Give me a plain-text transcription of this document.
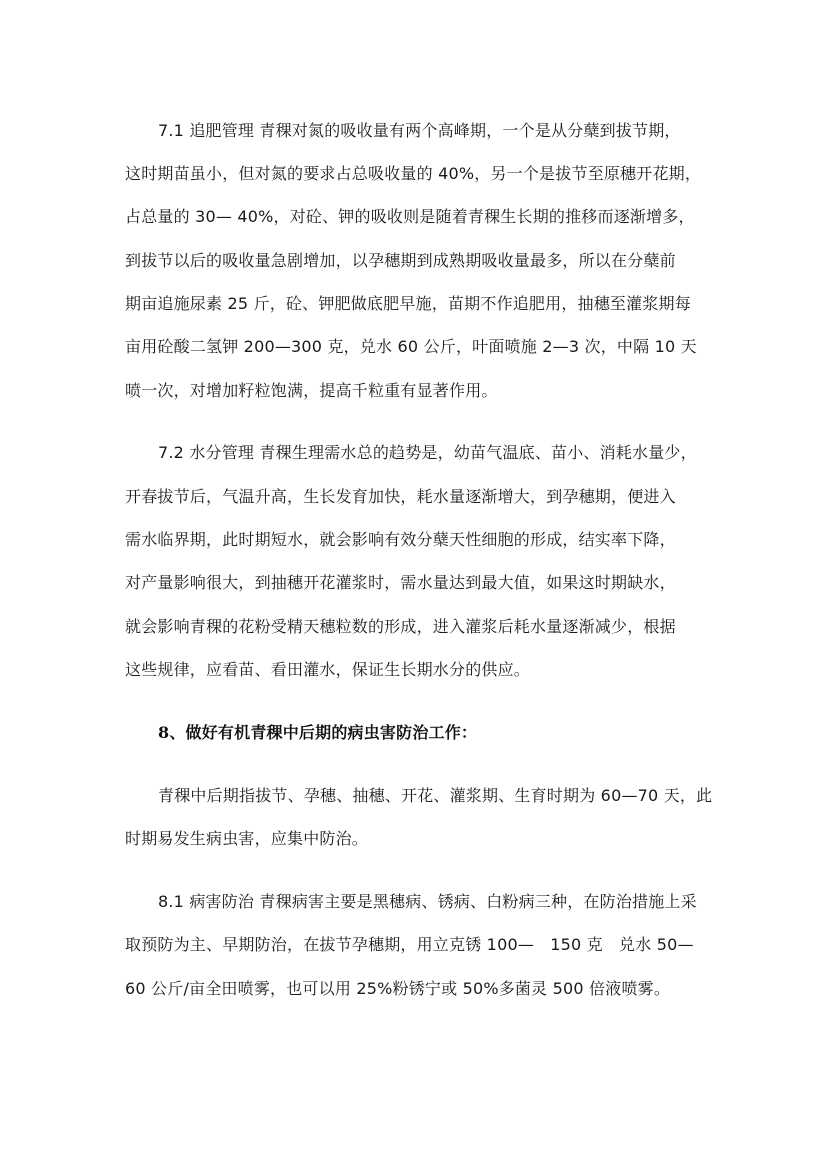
7.1 追肥管理 青稞对氮的吸收量有两个高峰期，一个是从分蘖到拔节期，
这时期苗虽小，但对氮的要求占总吸收量的 40%，另一个是拔节至原穗开花期，
占总量的 30— 40%，对砼、钾的吸收则是随着青稞生长期的推移而逐渐增多，
到拔节以后的吸收量急剧增加，以孕穗期到成熟期吸收量最多，所以在分蘖前
期亩追施尿素 25 斤，砼、钾肥做底肥早施，苗期不作追肥用，抽穗至灌浆期每
亩用砼酸二氢钾 200—300 克，兑水 60 公斤，叶面喷施 2—3 次，中隔 10 天
喷一次，对增加籽粒饱满，提高千粒重有显著作用。
7.2 水分管理 青稞生理需水总的趋势是，幼苗气温底、苗小、消耗水量少，
开春拔节后，气温升高，生长发育加快，耗水量逐渐增大，到孕穗期，便进入
需水临界期，此时期短水，就会影响有效分蘖天性细胞的形成，结实率下降，
对产量影响很大，到抽穗开花灌浆时，需水量达到最大值，如果这时期缺水，
就会影响青稞的花粉受精天穗粒数的形成，进入灌浆后耗水量逐渐减少，根据
这些规律，应看苗、看田灌水，保证生长期水分的供应。
8、做好有机青稞中后期的病虫害防治工作：
青稞中后期指拔节、孕穗、抽穗、开花、灌浆期、生育时期为 60—70 天，此
时期易发生病虫害，应集中防治。
8.1 病害防治 青稞病害主要是黑穗病、锈病、白粉病三种，在防治措施上采
取预防为主、早期防治，在拔节孕穗期，用立克锈 100—　150 克　兑水 50—
60 公斤/亩全田喷雾，也可以用 25%粉锈宁或 50%多菌灵 500 倍液喷雾。
